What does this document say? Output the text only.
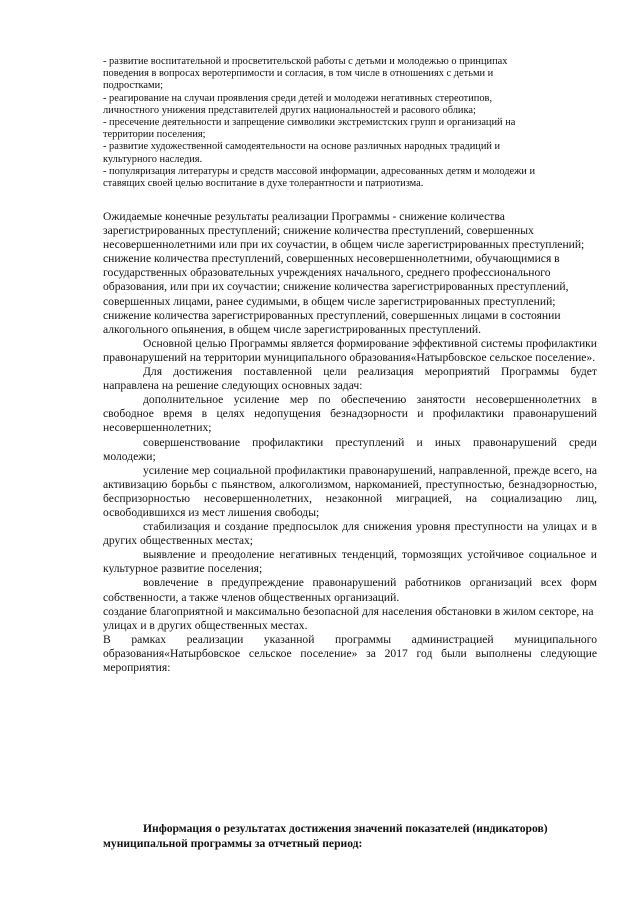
- развитие воспитательной и просветительской работы с детьми и молодежью о принципах поведения в вопросах веротерпимости и согласия, в том числе в отношениях с детьми и подростками;

- реагирование на случаи проявления среди детей и молодежи негативных стереотипов, личностного унижения представителей других национальностей и расового облика;

- пресечение деятельности и запрещение символики экстремистских групп и организаций на территории поселения;

- развитие художественной самодеятельности на основе различных народных традиций и культурного наследия.

- популяризация литературы и средств массовой информации, адресованных детям и молодежи и ставящих своей целью воспитание в духе толерантности и патриотизма.

Ожидаемые конечные результаты реализации Программы - снижение количества зарегистрированных преступлений; снижение количества преступлений, совершенных несовершеннолетними или при их соучастии, в общем числе зарегистрированных преступлений; снижение количества преступлений, совершенных несовершеннолетними, обучающимися в государственных образовательных учреждениях начального, среднего профессионального образования, или при их соучастии; снижение количества зарегистрированных преступлений, совершенных лицами, ранее судимыми, в общем числе зарегистрированных преступлений; снижение количества зарегистрированных преступлений, совершенных лицами в состоянии алкогольного опьянения, в общем числе зарегистрированных преступлений.

Основной целью Программы является формирование эффективной системы профилактики правонарушений на территории муниципального образования«Натырбовское сельское поселение».

Для достижения поставленной цели реализация мероприятий Программы будет направлена на решение следующих основных задач:

дополнительное усиление мер по обеспечению занятости несовершеннолетних в свободное время в целях недопущения безнадзорности и профилактики правонарушений несовершеннолетних;

совершенствование профилактики преступлений и иных правонарушений среди молодежи;

усиление мер социальной профилактики правонарушений, направленной, прежде всего, на активизацию борьбы с пьянством, алкоголизмом, наркоманией, преступностью, безнадзорностью, беспризорностью несовершеннолетних, незаконной миграцией, на социализацию лиц, освободившихся из мест лишения свободы;

стабилизация и создание предпосылок для снижения уровня преступности на улицах и в других общественных местах;

выявление и преодоление негативных тенденций, тормозящих устойчивое социальное и культурное развитие поселения;

вовлечение в предупреждение правонарушений работников организаций всех форм собственности, а также членов общественных организаций.

создание благоприятной и максимально безопасной для населения обстановки в жилом секторе, на улицах и в других общественных местах.

В рамках реализации указанной программы администрацией муниципального образования«Натырбовское сельское поселение» за 2017 год были выполнены следующие мероприятия:

Информация о результатах достижения значений показателей (индикаторов)

муниципальной программы за отчетный период:
